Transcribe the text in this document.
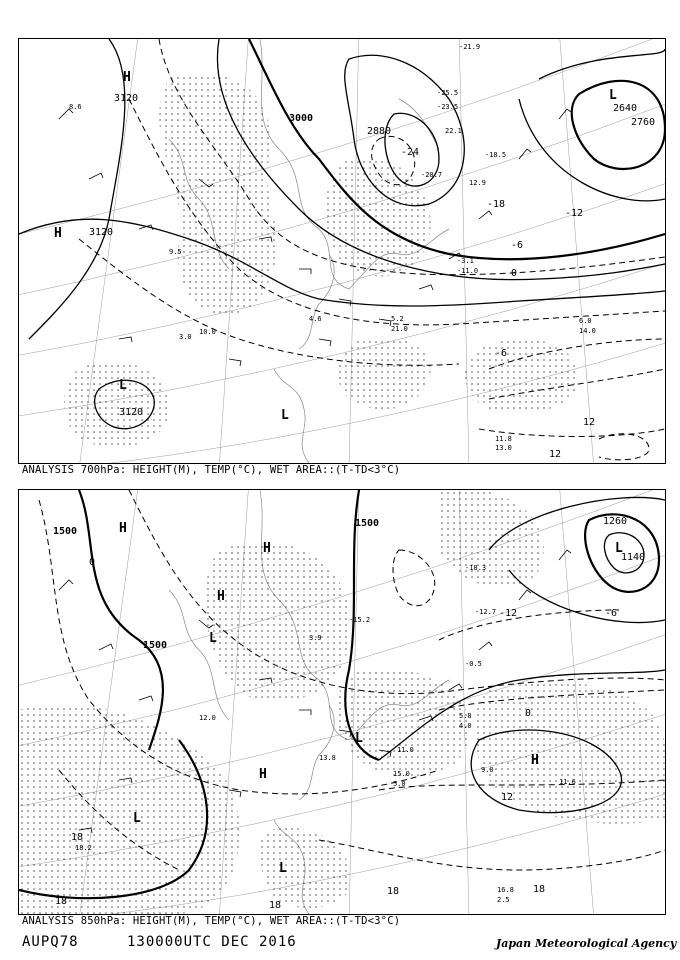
3120
3120
3120
3000
2880
2640
2760
-24
-18
-12
-6
0
-6
12
12
H
H
L
L
L
-21.9
-25.5
-23.5
22.1
-18.5
-20.7
12.9
-11.0
-3.1
4.6	5.2
21.0
6.0
14.0
11.8
13.0
10.0
9.5
8.6
3.0
ANALYSIS 700hPa: HEIGHT(M), TEMP(°C), WET AREA::(T-TD<3°C)
1500
1500
1500
1260
1140
0
-12	-6
0
12
18
18	18
18	18
H
H
H
H
H
L
L
L
L
L
-18.3
-12.7
-15.2
-0.5
5.8
4.0
11.0
15.0
5.0
13.8
9.0
11.6
16.8
2.5
18.2
12.0
3.9
ANALYSIS 850hPa: HEIGHT(M), TEMP(°C), WET AREA::(T-TD<3°C)
AUPQ78	130000UTC DEC 2016	Japan Meteorological Agency
